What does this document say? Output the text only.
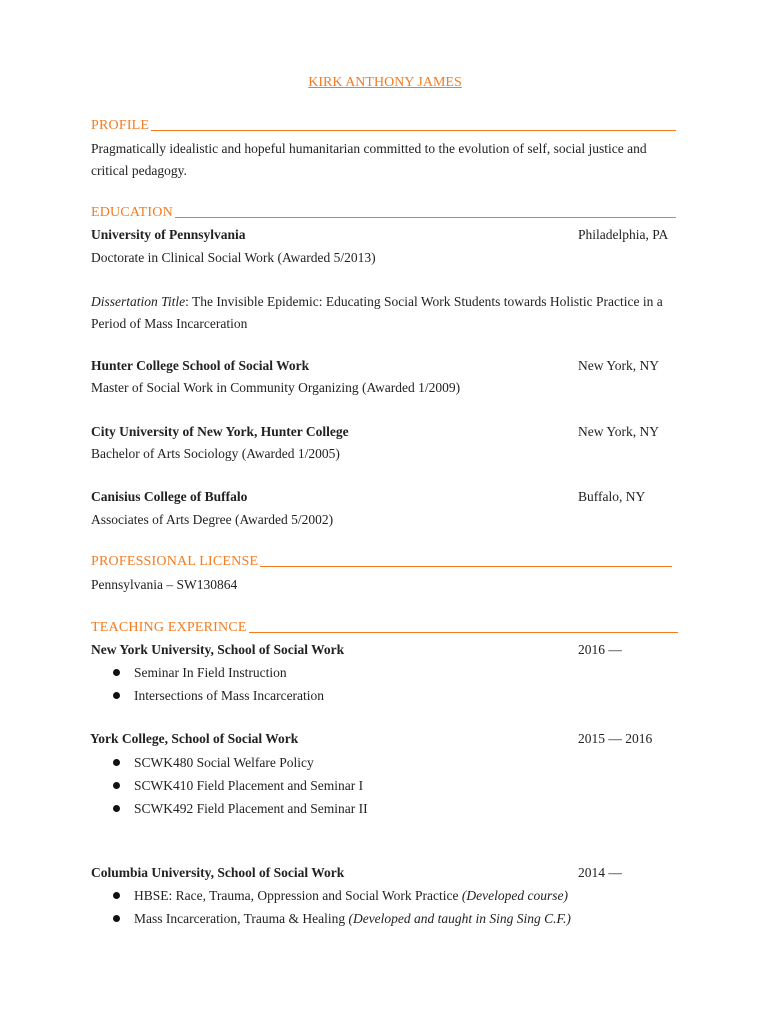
KIRK ANTHONY JAMES
PROFILE
Pragmatically idealistic and hopeful humanitarian committed to the evolution of self, social justice and critical pedagogy.
EDUCATION
University of Pennsylvania	Philadelphia, PA
Doctorate in Clinical Social Work (Awarded 5/2013)
Dissertation Title: The Invisible Epidemic: Educating Social Work Students towards Holistic Practice in a Period of Mass Incarceration
Hunter College School of Social Work	New York, NY
Master of Social Work in Community Organizing (Awarded 1/2009)
City University of New York, Hunter College	New York, NY
Bachelor of Arts Sociology (Awarded 1/2005)
Canisius College of Buffalo	Buffalo, NY
Associates of Arts Degree (Awarded 5/2002)
PROFESSIONAL LICENSE
Pennsylvania – SW130864
TEACHING EXPERINCE
New York University, School of Social Work	2016 —
Seminar In Field Instruction
Intersections of Mass Incarceration
York College, School of Social Work	2015 — 2016
SCWK480 Social Welfare Policy
SCWK410 Field Placement and Seminar I
SCWK492 Field Placement and Seminar II
Columbia University, School of Social Work	2014 —
HBSE: Race, Trauma, Oppression and Social Work Practice (Developed course)
Mass Incarceration, Trauma & Healing (Developed and taught in Sing Sing C.F.)
